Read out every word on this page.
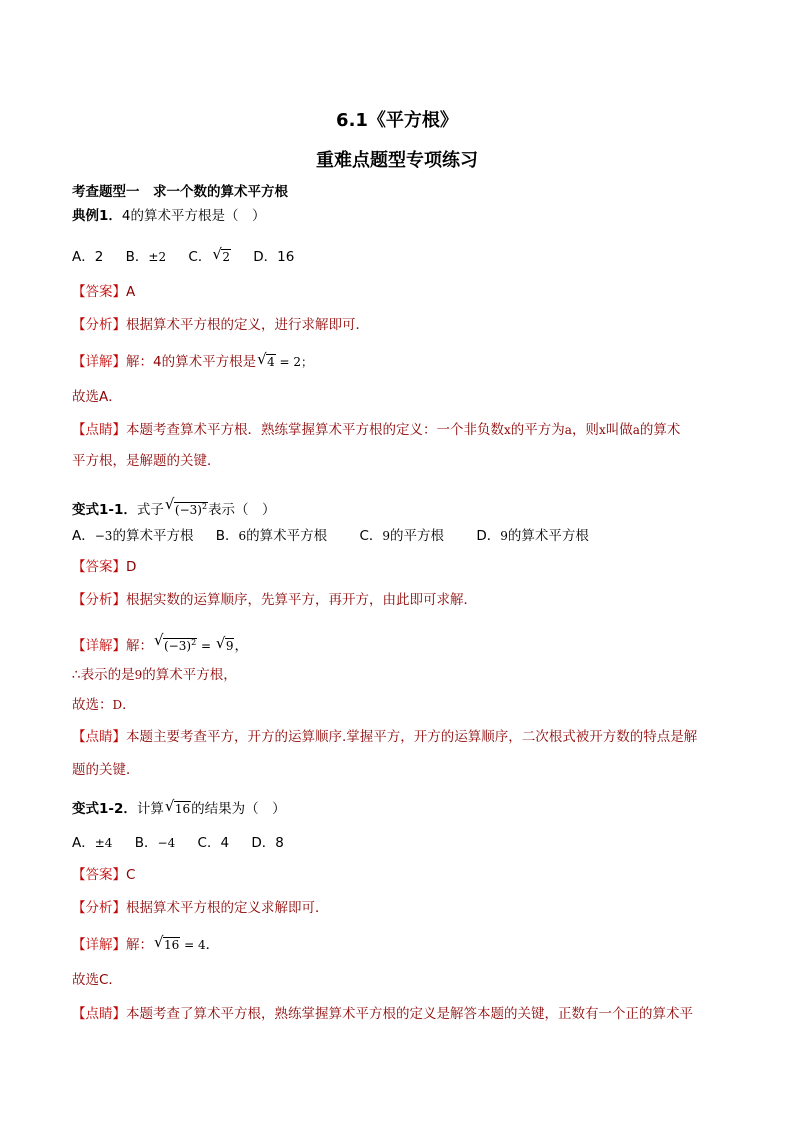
6.1《平方根》
重难点题型专项练习
考查题型一　求一个数的算术平方根
典例1．4的算术平方根是（　）
A．2 B．±2 C． √ 2 D．16
【答案】A
【分析】根据算术平方根的定义，进行求解即可．
【详解】解：4的算术平方根是 √ 4 = 2；
故选A．
【点睛】本题考查算术平方根．熟练掌握算术平方根的定义：一个非负数x的平方为a，则x叫做a的算术
平方根，是解题的关键．
变式1-1．式子 √ $(-3)^2$表示（　）
A．−3的算术平方根 B．6的算术平方根 C．9的平方根 D．9的算术平方根
【答案】D
【分析】根据实数的运算顺序，先算平方，再开方，由此即可求解．
【详解】解： √ $(-3)^2$ = √ 9，
∴表示的是9的算术平方根，
故选：D．
【点睛】本题主要考查平方，开方的运算顺序.掌握平方，开方的运算顺序，二次根式被开方数的特点是解
题的关键．
变式1-2．计算 √ 16的结果为（　）
A．±4 B．−4 C．4 D．8
【答案】C
【分析】根据算术平方根的定义求解即可．
【详解】解： √ 16 = 4．
故选C．
【点睛】本题考查了算术平方根，熟练掌握算术平方根的定义是解答本题的关键，正数有一个正的算术平
